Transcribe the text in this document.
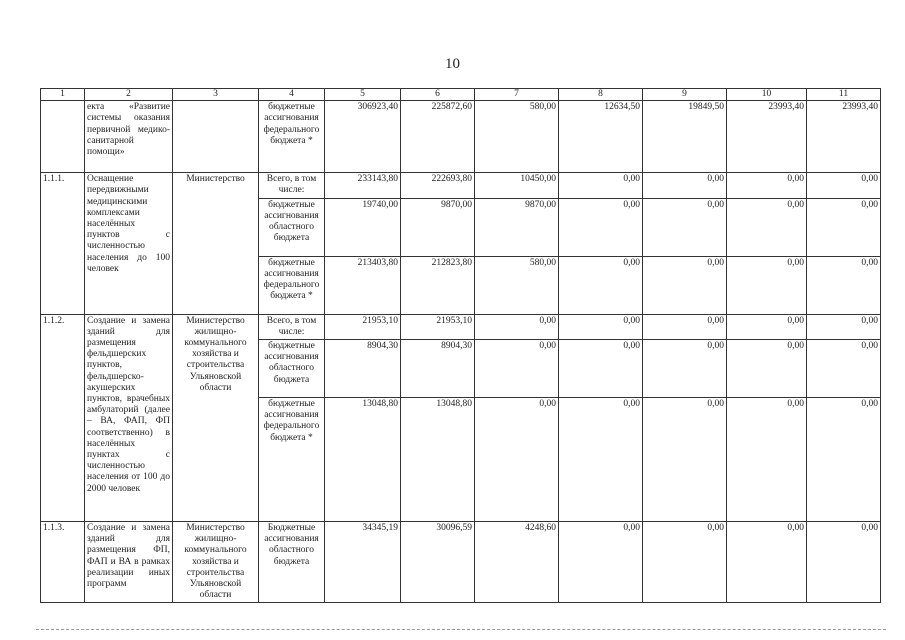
10
1	2	3	4	5	6	7	8	9	10	11
	екта «Развитие системы оказания первичной медико-санитарной помощи»		бюджетные ассигнования федерального бюджета *	306923,40	225872,60	580,00	12634,50	19849,50	23993,40	23993,40
1.1.1.	Оснащение передвижными медицинскими комплексами населённых пунктов с численностью населения до 100 человек	Министерство	Всего, в том числе:	233143,80	222693,80	10450,00	0,00	0,00	0,00	0,00
			бюджетные ассигнования областного бюджета	19740,00	9870,00	9870,00	0,00	0,00	0,00	0,00
			бюджетные ассигнования федерального бюджета *	213403,80	212823,80	580,00	0,00	0,00	0,00	0,00
1.1.2.	Создание и замена зданий для размещения фельдшерских пунктов, фельдшерско-акушерских пунктов, врачебных амбулаторий (далее – ВА, ФАП, ФП соответственно) в населённых пунктах с численностью населения от 100 до 2000 человек	Министерство жилищно-коммунального хозяйства и строительства Ульяновской области	Всего, в том числе:	21953,10	21953,10	0,00	0,00	0,00	0,00	0,00
			бюджетные ассигнования областного бюджета	8904,30	8904,30	0,00	0,00	0,00	0,00	0,00
			бюджетные ассигнования федерального бюджета *	13048,80	13048,80	0,00	0,00	0,00	0,00	0,00
1.1.3.	Создание и замена зданий для размещения ФП, ФАП и ВА в рамках реализации иных программ	Министерство жилищно-коммунального хозяйства и строительства Ульяновской области	Бюджетные ассигнования областного бюджета	34345,19	30096,59	4248,60	0,00	0,00	0,00	0,00
